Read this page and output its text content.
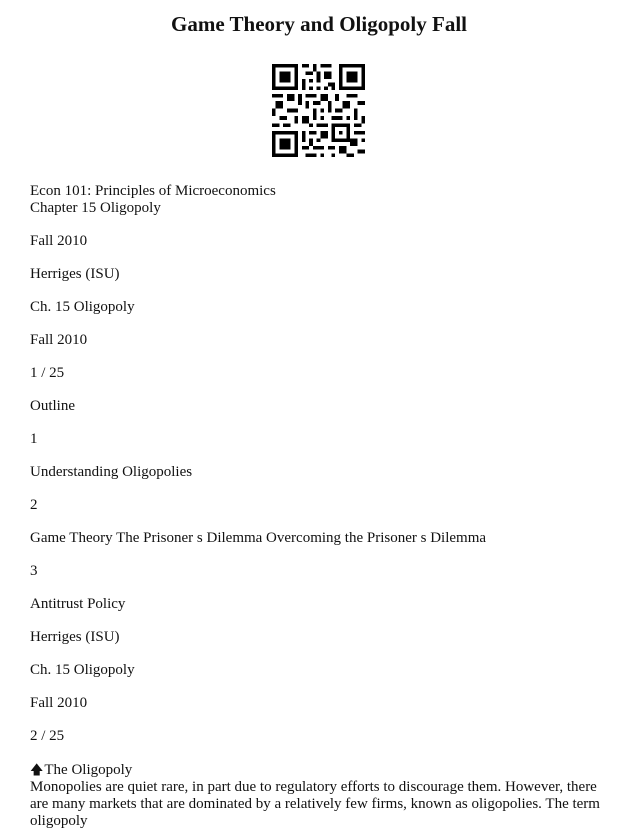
Game Theory and Oligopoly Fall

Econ 101: Principles of Microeconomics

Chapter 15 Oligopoly

Fall 2010

Herriges (ISU)

Ch. 15 Oligopoly

Fall 2010

1 / 25

Outline

1

Understanding Oligopolies

2

Game Theory The Prisoner s Dilemma Overcoming the Prisoner s Dilemma

3

Antitrust Policy

Herriges (ISU)

Ch. 15 Oligopoly

Fall 2010

2 / 25

🡅The Oligopoly
Monopolies are quiet rare, in part due to regulatory efforts to discourage them. However, there are many markets that are dominated by a relatively few firms, known as oligopolies. The term oligopoly
